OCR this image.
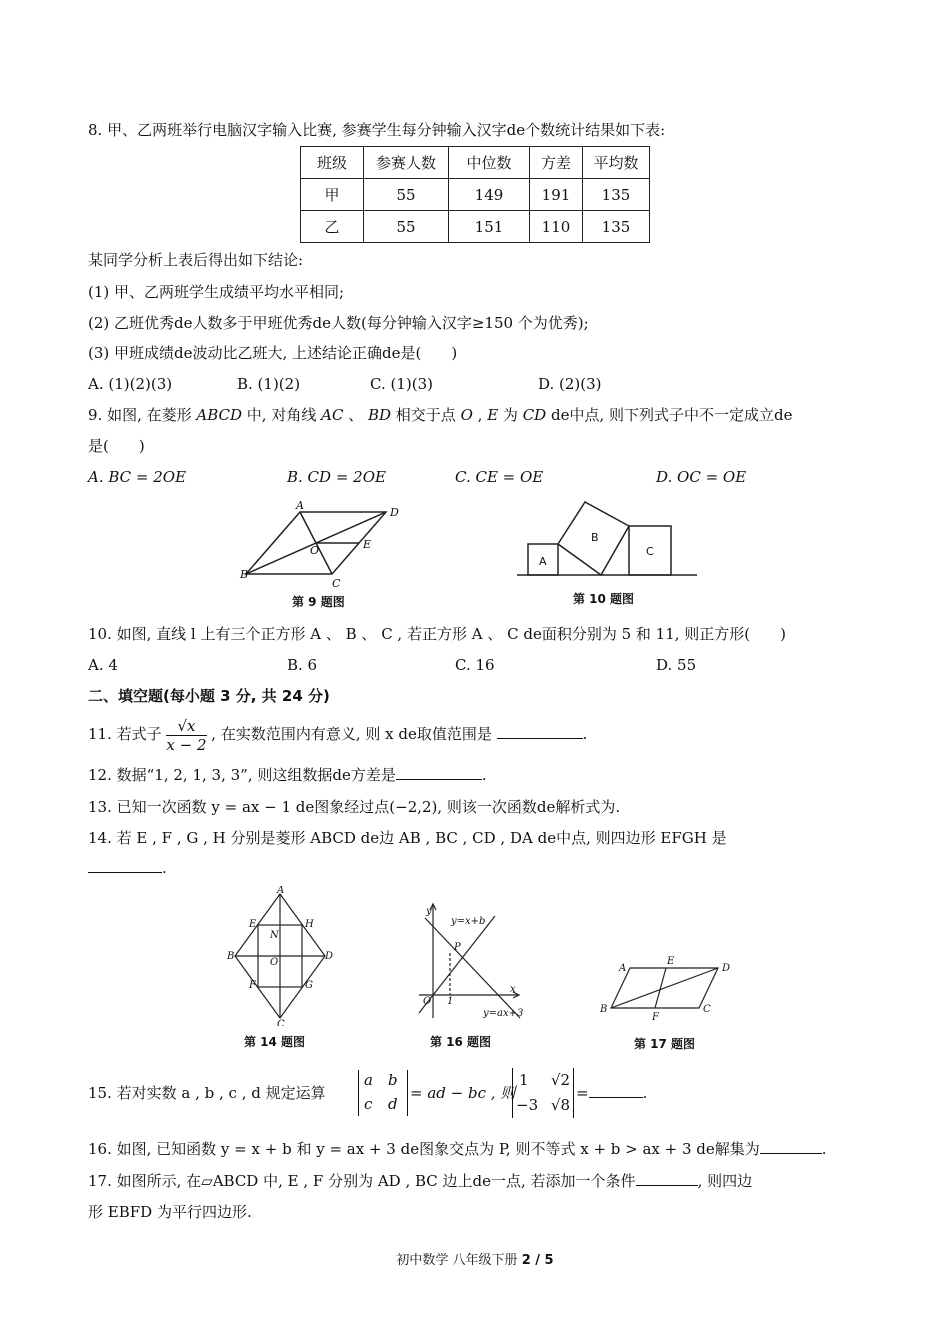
8. 甲、乙两班举行电脑汉字输入比赛, 参赛学生每分钟输入汉字de个数统计结果如下表:
班级	参赛人数	中位数	方差	平均数
甲	55	149	191	135
乙	55	151	110	135
某同学分析上表后得出如下结论:
(1) 甲、乙两班学生成绩平均水平相同;
(2) 乙班优秀de人数多于甲班优秀de人数(每分钟输入汉字≥150 个为优秀);
(3) 甲班成绩de波动比乙班大, 上述结论正确de是(　　)
A. (1)(2)(3)	B. (1)(2)	C. (1)(3)	D. (2)(3)
9. 如图, 在菱形 ABCD 中, 对角线 AC 、 BD 相交于点 O , E 为 CD de中点, 则下列式子中不一定成立de
是(　　)
A. BC = 2OE	B. CD = 2OE	C. CE = OE	D. OC = OE
A
D
O	E
B
C
第 9 题图
A
B
C
第 10 题图
10. 如图, 直线 l 上有三个正方形 A 、 B 、 C , 若正方形 A 、 C de面积分别为 5 和 11, 则正方形(　　)
A. 4	B. 6	C. 16	D. 55
二、填空题(每小题 3 分, 共 24 分)
11. 若式子 $\frac{√x}{x - 2}$ , 在实数范围内有意义, 则 x de取值范围是	.
12. 数据“1, 2, 1, 3, 3”, 则这组数据de方差是	.
13. 已知一次函数 y = ax − 1 de图象经过点(−2,2), 则该一次函数de解析式为.
14. 若 E , F , G , H 分别是菱形 ABCD de边 AB , BC , CD , DA de中点, 则四边形 EFGH 是
.
A
E	H
N
B
O
D
F	G
C
第 14 题图
y
y=x+b
P
O 1
x
y=ax+3
第 16 题图
A
E
D
B
F
C
第 17 题图
15. 若对实数 a , b , c , d 规定运算
a b
c d
= ad − bc , 则
1 √2
−3 √8
=	.
16. 如图, 已知函数 y = x + b 和 y = ax + 3 de图象交点为 P, 则不等式 x + b > ax + 3 de解集为	.
17. 如图所示, 在▱ABCD 中, E , F 分别为 AD , BC 边上de一点, 若添加一个条件	, 则四边
形 EBFD 为平行四边形.
初中数学 八年级下册 2 / 5
